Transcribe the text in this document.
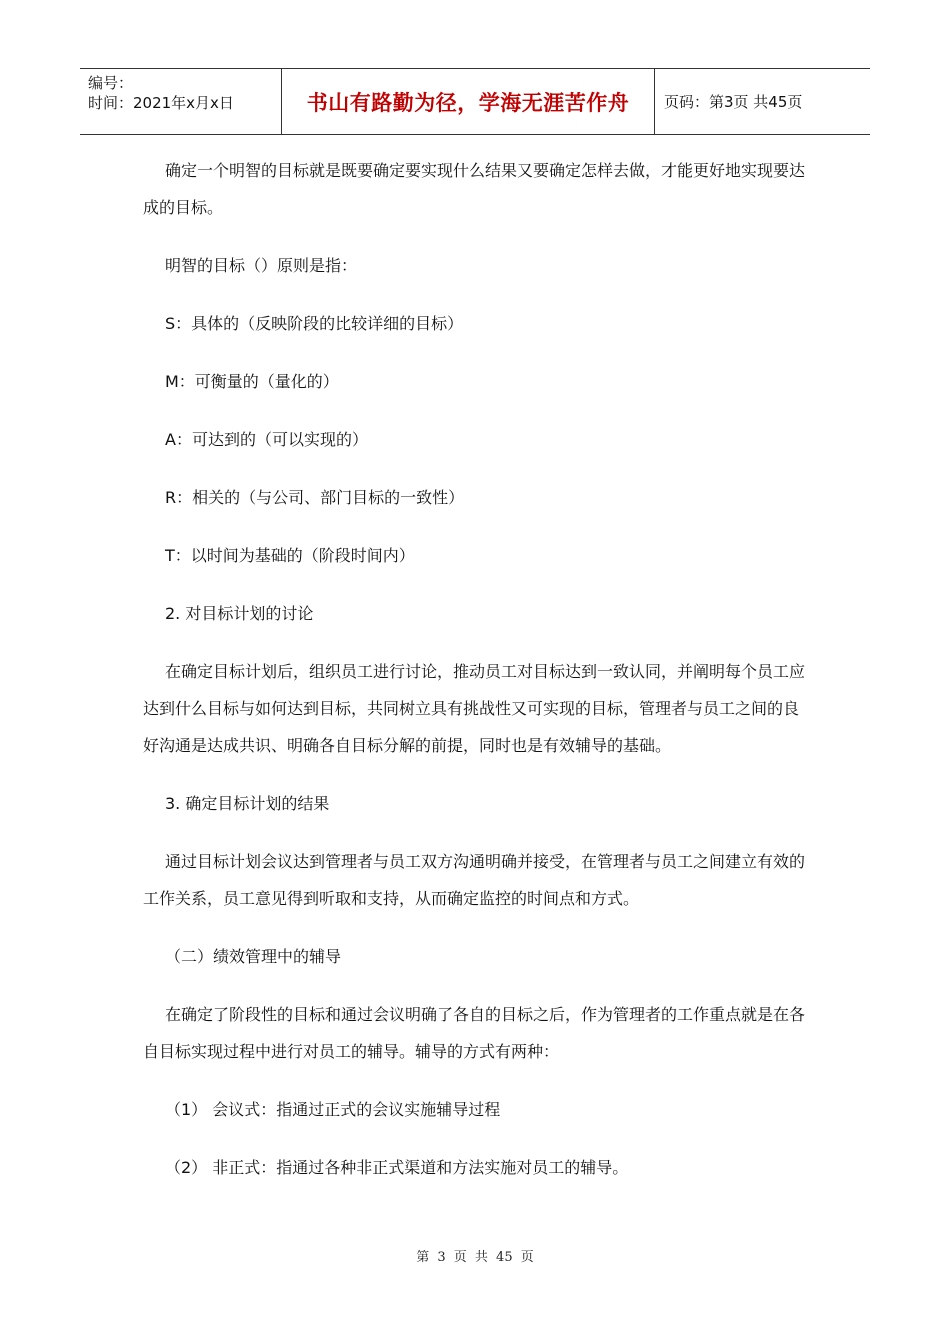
编号：
时间：2021年x月x日	书山有路勤为径，学海无涯苦作舟 页码：第3页 共45页

确定一个明智的目标就是既要确定要实现什么结果又要确定怎样去做，才能更好地实现要达成的目标。

明智的目标（）原则是指：

S：具体的（反映阶段的比较详细的目标）

M：可衡量的（量化的）

A：可达到的（可以实现的）

R：相关的（与公司、部门目标的一致性）

T：以时间为基础的（阶段时间内）

2. 对目标计划的讨论

在确定目标计划后，组织员工进行讨论，推动员工对目标达到一致认同，并阐明每个员工应达到什么目标与如何达到目标，共同树立具有挑战性又可实现的目标，管理者与员工之间的良好沟通是达成共识、明确各自目标分解的前提，同时也是有效辅导的基础。

3. 确定目标计划的结果

通过目标计划会议达到管理者与员工双方沟通明确并接受，在管理者与员工之间建立有效的工作关系，员工意见得到听取和支持，从而确定监控的时间点和方式。

（二）绩效管理中的辅导

在确定了阶段性的目标和通过会议明确了各自的目标之后，作为管理者的工作重点就是在各自目标实现过程中进行对员工的辅导。辅导的方式有两种：

（1） 会议式：指通过正式的会议实施辅导过程

（2） 非正式：指通过各种非正式渠道和方法实施对员工的辅导。

第 3 页 共 45 页
